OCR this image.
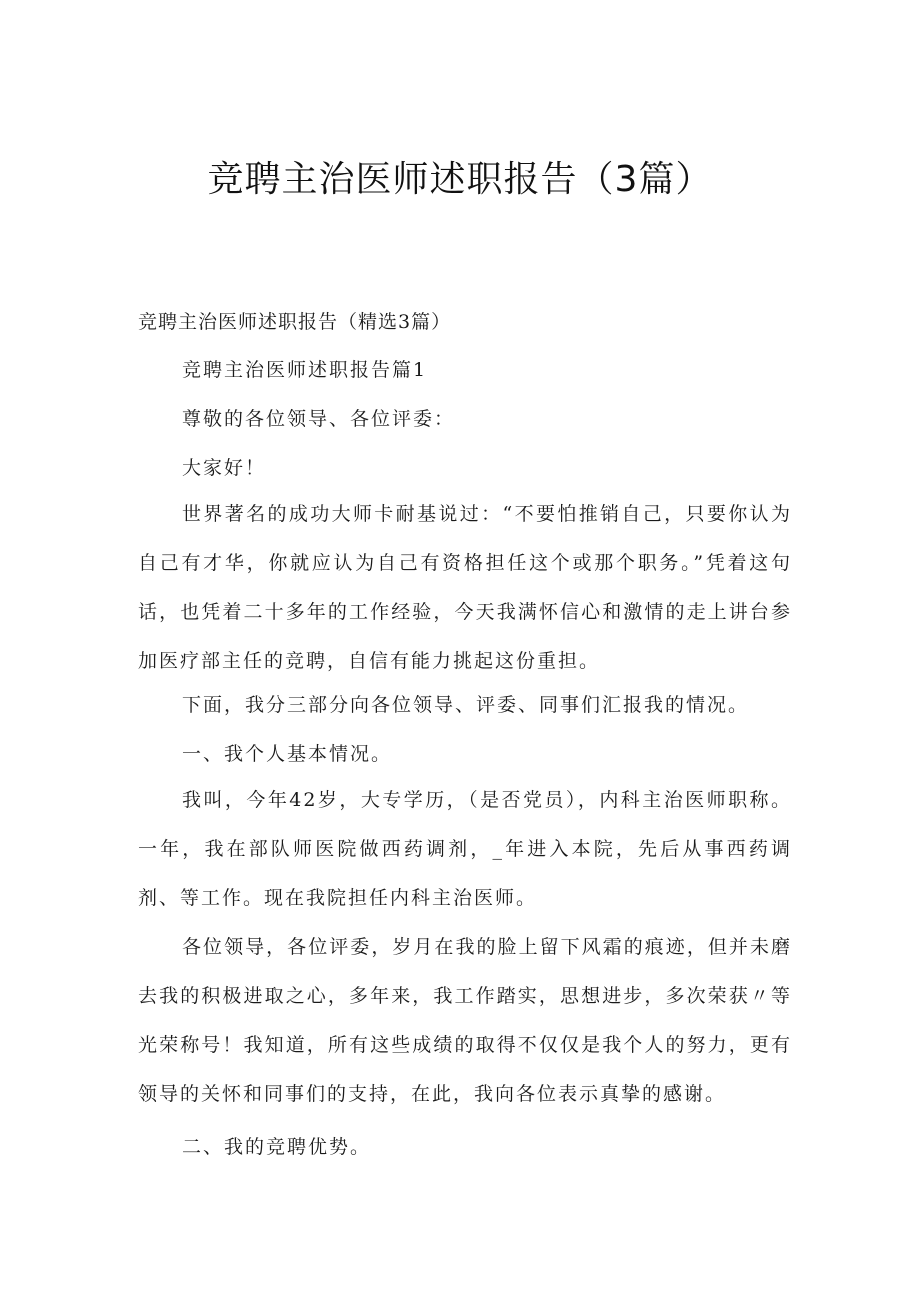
竞聘主治医师述职报告（3篇）
竞聘主治医师述职报告（精选3篇）
竞聘主治医师述职报告篇1
尊敬的各位领导、各位评委：
大家好！
世界著名的成功大师卡耐基说过：“不要怕推销自己，只要你认为自己有才华，你就应认为自己有资格担任这个或那个职务。”凭着这句话，也凭着二十多年的工作经验，今天我满怀信心和激情的走上讲台参加医疗部主任的竞聘，自信有能力挑起这份重担。
下面，我分三部分向各位领导、评委、同事们汇报我的情况。
一、我个人基本情况。
我叫，今年42岁，大专学历，（是否党员），内科主治医师职称。一年，我在部队师医院做西药调剂，_年进入本院，先后从事西药调剂、等工作。现在我院担任内科主治医师。
各位领导，各位评委，岁月在我的脸上留下风霜的痕迹，但并未磨去我的积极进取之心，多年来，我工作踏实，思想进步，多次荣获〃等光荣称号！我知道，所有这些成绩的取得不仅仅是我个人的努力，更有领导的关怀和同事们的支持，在此，我向各位表示真挚的感谢。
二、我的竞聘优势。
